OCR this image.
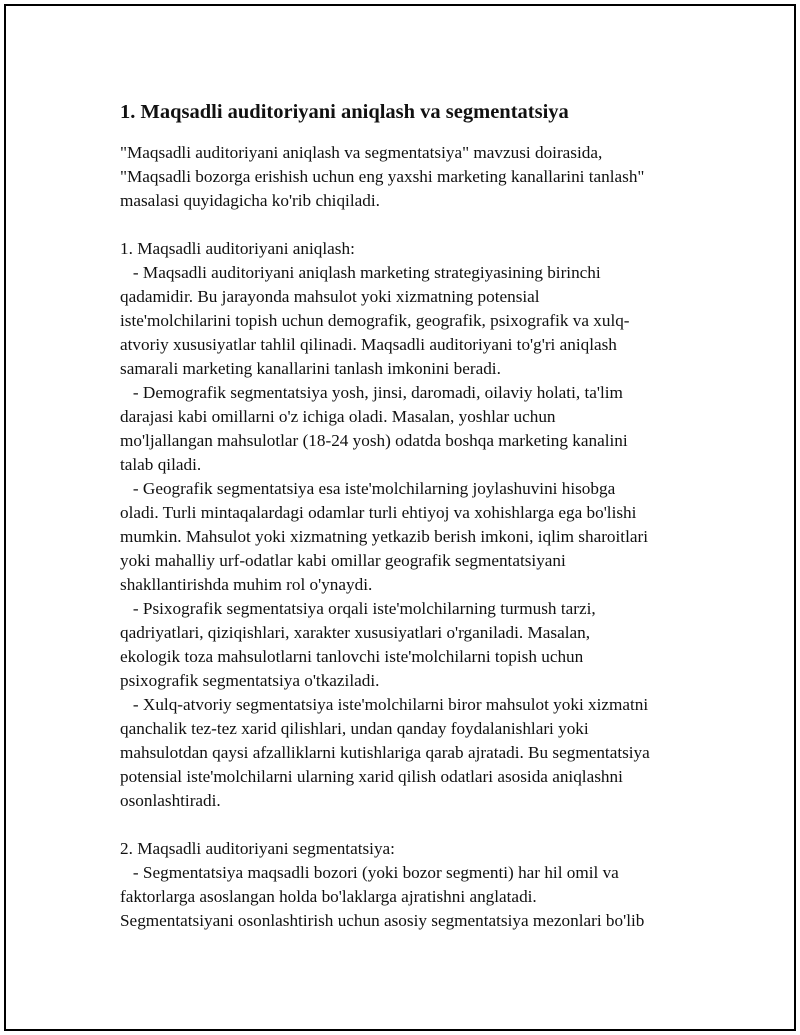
1. Maqsadli auditoriyani aniqlash va segmentatsiya
"Maqsadli auditoriyani aniqlash va segmentatsiya" mavzusi doirasida,
"Maqsadli bozorga erishish uchun eng yaxshi marketing kanallarini tanlash"
masalasi quyidagicha ko'rib chiqiladi.

1. Maqsadli auditoriyani aniqlash:
- Maqsadli auditoriyani aniqlash marketing strategiyasining birinchi
qadamidir. Bu jarayonda mahsulot yoki xizmatning potensial
iste'molchilarini topish uchun demografik, geografik, psixografik va xulq-
atvoriy xususiyatlar tahlil qilinadi. Maqsadli auditoriyani to'g'ri aniqlash
samarali marketing kanallarini tanlash imkonini beradi.
- Demografik segmentatsiya yosh, jinsi, daromadi, oilaviy holati, ta'lim
darajasi kabi omillarni o'z ichiga oladi. Masalan, yoshlar uchun
mo'ljallangan mahsulotlar (18-24 yosh) odatda boshqa marketing kanalini
talab qiladi.
- Geografik segmentatsiya esa iste'molchilarning joylashuvini hisobga
oladi. Turli mintaqalardagi odamlar turli ehtiyoj va xohishlarga ega bo'lishi
mumkin. Mahsulot yoki xizmatning yetkazib berish imkoni, iqlim sharoitlari
yoki mahalliy urf-odatlar kabi omillar geografik segmentatsiyani
shakllantirishda muhim rol o'ynaydi.
- Psixografik segmentatsiya orqali iste'molchilarning turmush tarzi,
qadriyatlari, qiziqishlari, xarakter xususiyatlari o'rganiladi. Masalan,
ekologik toza mahsulotlarni tanlovchi iste'molchilarni topish uchun
psixografik segmentatsiya o'tkaziladi.
- Xulq-atvoriy segmentatsiya iste'molchilarni biror mahsulot yoki xizmatni
qanchalik tez-tez xarid qilishlari, undan qanday foydalanishlari yoki
mahsulotdan qaysi afzalliklarni kutishlariga qarab ajratadi. Bu segmentatsiya
potensial iste'molchilarni ularning xarid qilish odatlari asosida aniqlashni
osonlashtiradi.

2. Maqsadli auditoriyani segmentatsiya:
- Segmentatsiya maqsadli bozori (yoki bozor segmenti) har hil omil va
faktorlarga asoslangan holda bo'laklarga ajratishni anglatadi.
Segmentatsiyani osonlashtirish uchun asosiy segmentatsiya mezonlari bo'lib
